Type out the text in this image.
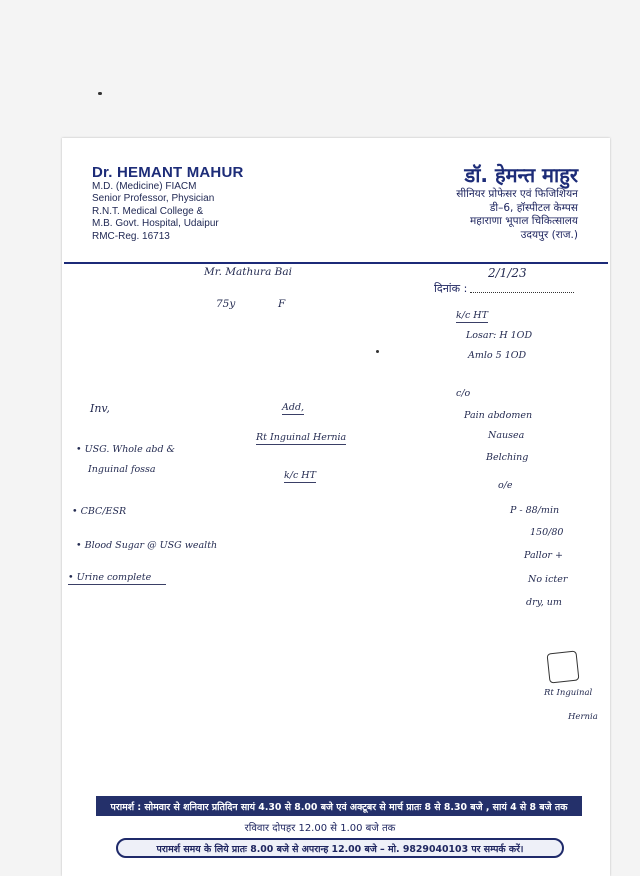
Dr. HEMANT MAHUR
M.D. (Medicine) FIACM
Senior Professor, Physician
R.N.T. Medical College &
M.B. Govt. Hospital, Udaipur
RMC-Reg. 16713
डॉ. हेमन्त माहुर
सीनियर प्रोफेसर एवं फिजिशियन
डी–6, हॉस्पीटल केम्पस
महाराणा भूपाल चिकित्सालय
उदयपुर (राज.)
दिनांक :
2/1/23
Mr. Mathura Bai
75y	F
k/c HT
Losar: H 1OD
Amlo 5 1OD
Inv,
• USG. Whole abd &
Inguinal fossa
• CBC/ESR
• Blood Sugar @ USG wealth
• Urine complete
Add,
Rt Inguinal Hernia
k/c HT
c/o
Pain abdomen
Nausea
Belching
o/e
P - 88/min
150/80
Pallor +
No icter
dry, um
Rt Inguinal
Hernia
परामर्श : सोमवार से शनिवार प्रतिदिन सायं 4.30 से 8.00 बजे एवं अक्टूबर से मार्च प्रातः 8 से 8.30 बजे , सायं 4 से 8 बजे तक
रविवार दोपहर 12.00 से 1.00 बजे तक
परामर्श समय के लिये प्रातः 8.00 बजे से अपरान्ह 12.00 बजे – मो. 9829040103 पर सम्पर्क करें।
